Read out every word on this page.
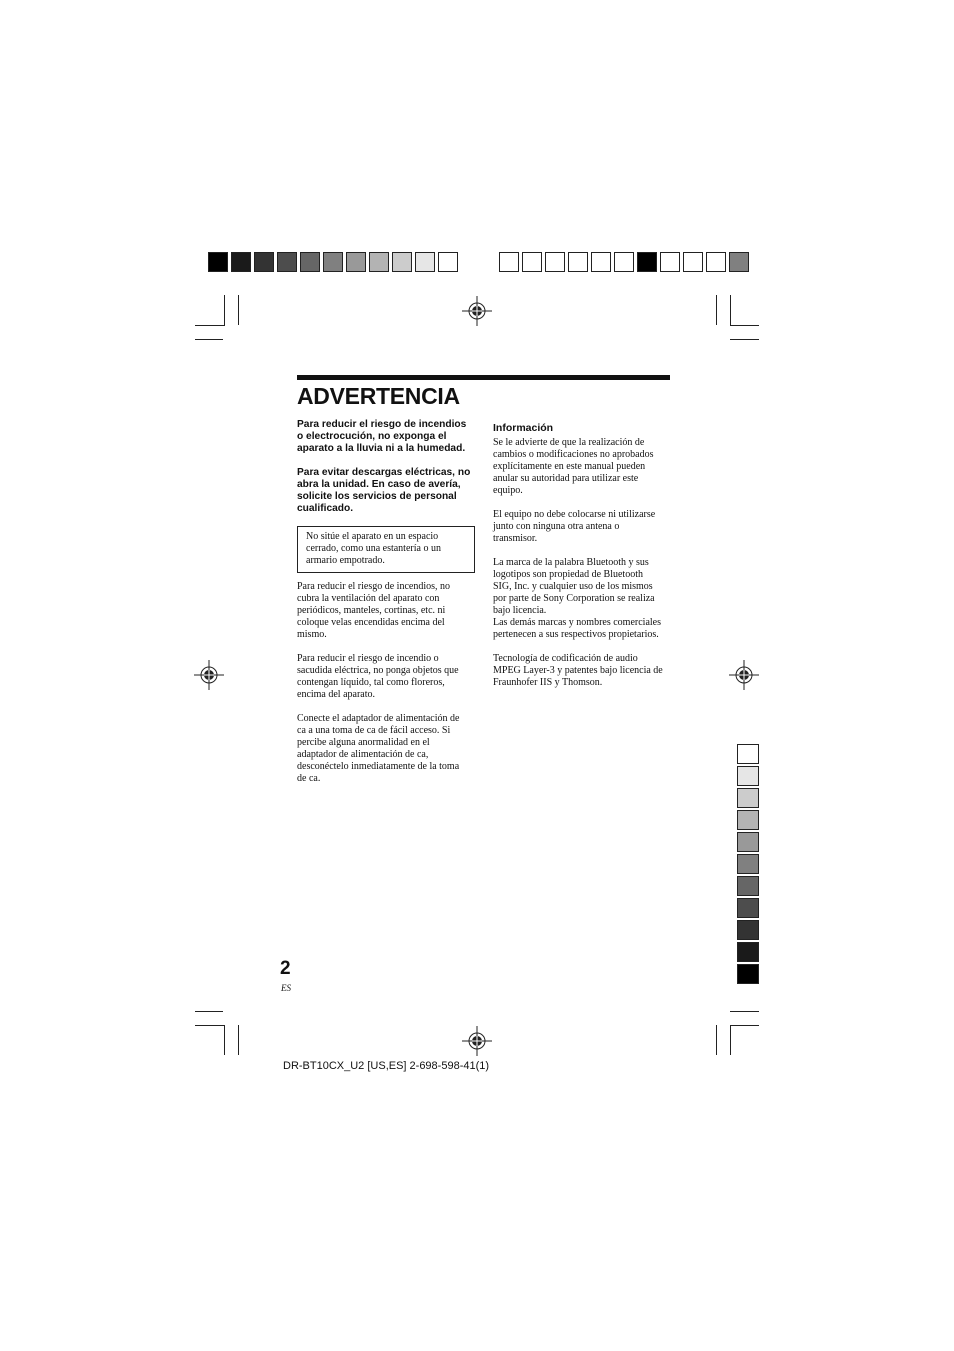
ADVERTENCIA
Para reducir el riesgo de incendios
o electrocución, no exponga el
aparato a la lluvia ni a la humedad.
Para evitar descargas eléctricas, no
abra la unidad. En caso de avería,
solicite los servicios de personal
cualificado.
No sitúe el aparato en un espacio
cerrado, como una estantería o un
armario empotrado.
Para reducir el riesgo de incendios, no
cubra la ventilación del aparato con
periódicos, manteles, cortinas, etc. ni
coloque velas encendidas encima del
mismo.
Para reducir el riesgo de incendio o
sacudida eléctrica, no ponga objetos que
contengan líquido, tal como floreros,
encima del aparato.
Conecte el adaptador de alimentación de
ca a una toma de ca de fácil acceso. Si
percibe alguna anormalidad en el
adaptador de alimentación de ca,
desconéctelo inmediatamente de la toma
de ca.
Información
Se le advierte de que la realización de
cambios o modificaciones no aprobados
explícitamente en este manual pueden
anular su autoridad para utilizar este
equipo.
El equipo no debe colocarse ni utilizarse
junto con ninguna otra antena o
transmisor.
La marca de la palabra Bluetooth y sus
logotipos son propiedad de Bluetooth
SIG, Inc. y cualquier uso de los mismos
por parte de Sony Corporation se realiza
bajo licencia.
Las demás marcas y nombres comerciales
pertenecen a sus respectivos propietarios.
Tecnología de codificación de audio
MPEG Layer-3 y patentes bajo licencia de
Fraunhofer IIS y Thomson.
2
ES
DR-BT10CX_U2 [US,ES] 2-698-598-41(1)
